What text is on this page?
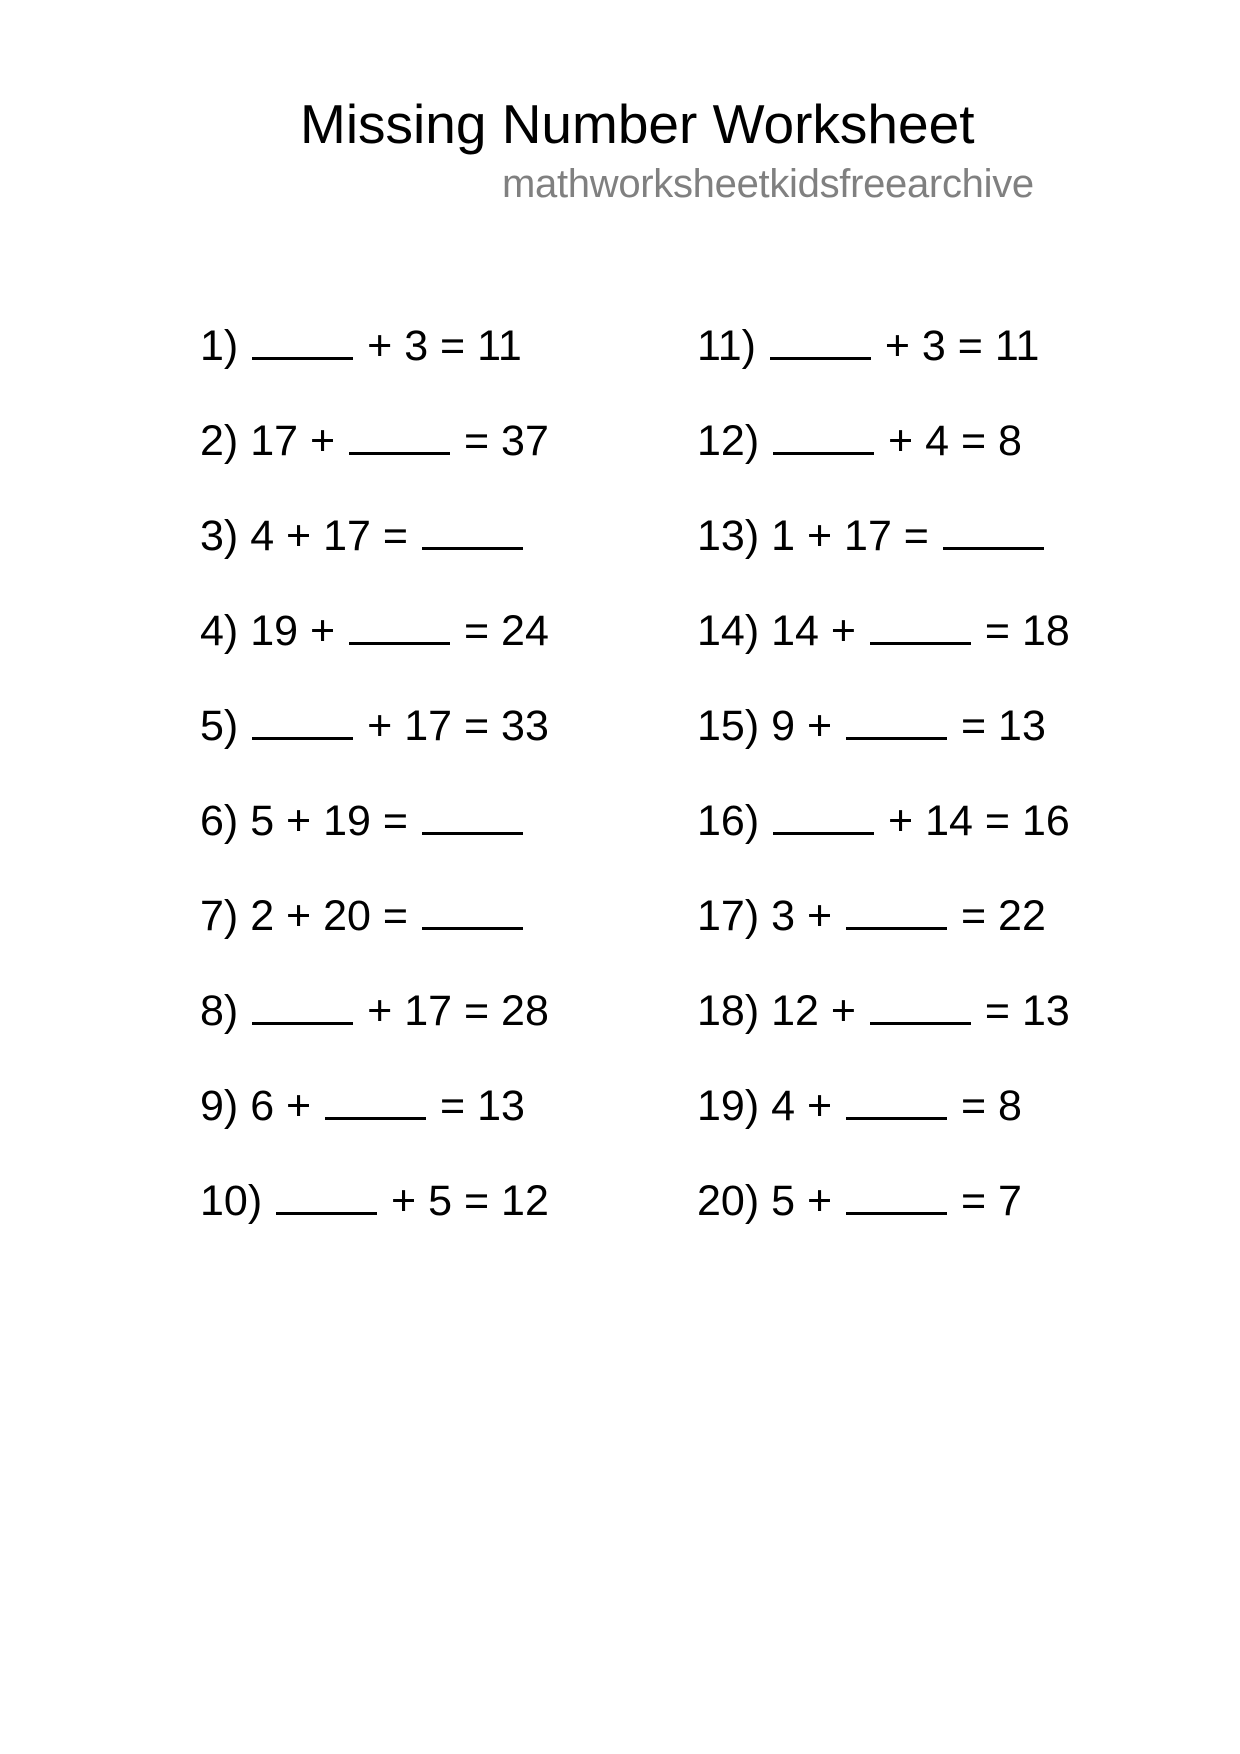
Missing Number Worksheet
mathworksheetkidsfreearchive
1)  + 3 = 11
2) 17 +  = 37
3) 4 + 17 =
4) 19 +  = 24
5)  + 17 = 33
6) 5 + 19 =
7) 2 + 20 =
8)  + 17 = 28
9) 6 +  = 13
10)  + 5 = 12
11)  + 3 = 11
12)  + 4 = 8
13) 1 + 17 =
14) 14 +  = 18
15) 9 +  = 13
16)  + 14 = 16
17) 3 +  = 22
18) 12 +  = 13
19) 4 +  = 8
20) 5 +  = 7
